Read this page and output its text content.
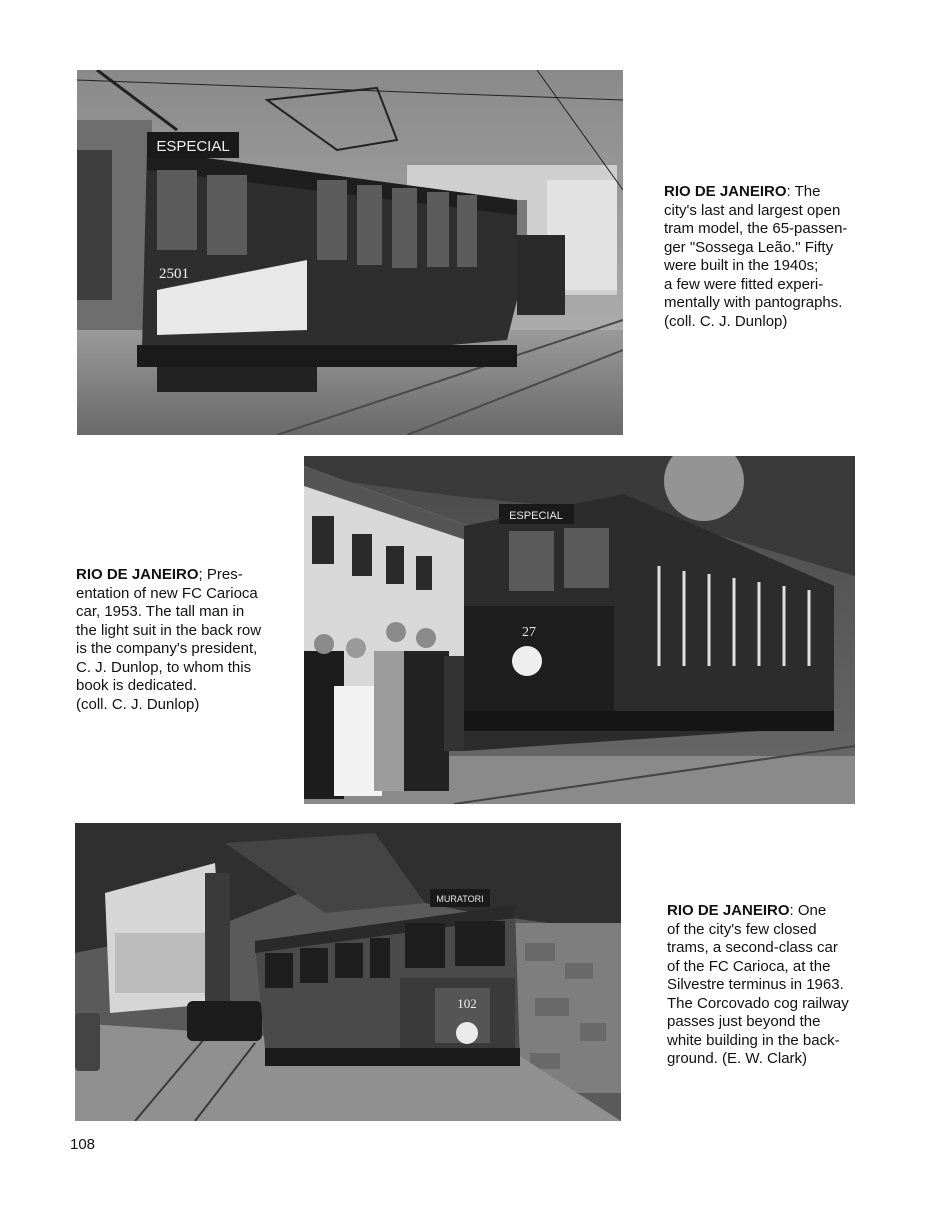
ESPECIAL
2501
RIO DE JANEIRO: The
city's last and largest open
tram model, the 65-passen-
ger "Sossega Leão." Fifty
were built in the 1940s;
a few were fitted experi-
mentally with pantographs.
(coll. C. J. Dunlop)
ESPECIAL
27
RIO DE JANEIRO; Pres-
entation of new FC Carioca
car, 1953. The tall man in
the light suit in the back row
is the company's president,
C. J. Dunlop, to whom this
book is dedicated.
(coll. C. J. Dunlop)
MURATORI
102
RIO DE JANEIRO: One
of the city's few closed
trams, a second-class car
of the FC Carioca, at the
Silvestre terminus in 1963.
The Corcovado cog railway
passes just beyond the
white building in the back-
ground. (E. W. Clark)
108
